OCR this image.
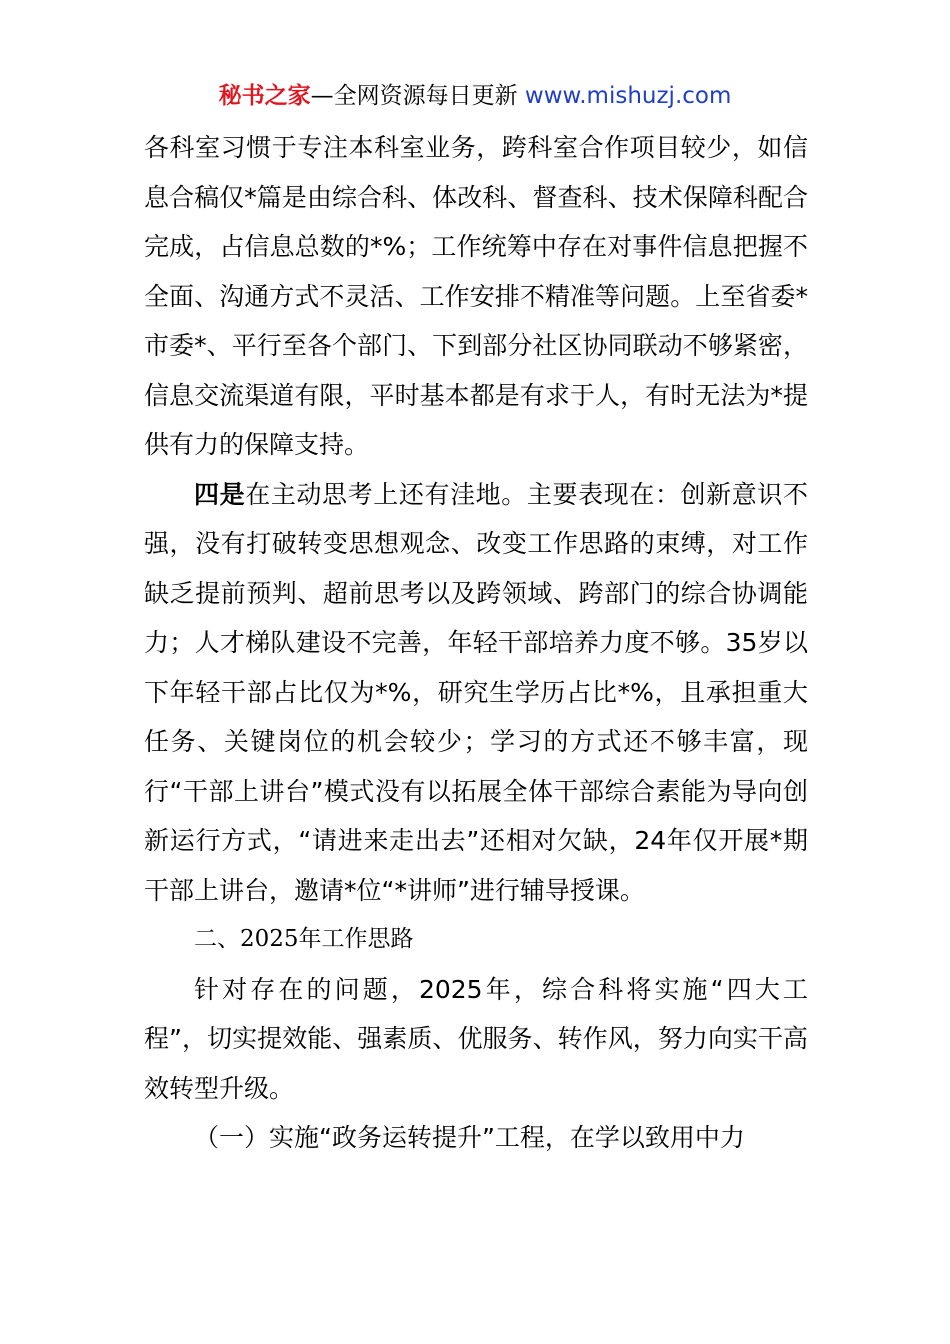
秘书之家—全网资源每日更新 www.mishuzj.com

各科室习惯于专注本科室业务，跨科室合作项目较少，如信息合稿仅*篇是由综合科、体改科、督查科、技术保障科配合完成，占信息总数的*%；工作统筹中存在对事件信息把握不全面、沟通方式不灵活、工作安排不精准等问题。上至省委*市委*、平行至各个部门、下到部分社区协同联动不够紧密，信息交流渠道有限，平时基本都是有求于人，有时无法为*提供有力的保障支持。

四是在主动思考上还有洼地。主要表现在：创新意识不强，没有打破转变思想观念、改变工作思路的束缚，对工作缺乏提前预判、超前思考以及跨领域、跨部门的综合协调能力；人才梯队建设不完善，年轻干部培养力度不够。35岁以下年轻干部占比仅为*%，研究生学历占比*%，且承担重大任务、关键岗位的机会较少；学习的方式还不够丰富，现行“干部上讲台”模式没有以拓展全体干部综合素能为导向创新运行方式，“请进来走出去”还相对欠缺，24年仅开展*期干部上讲台，邀请*位“*讲师”进行辅导授课。

二、2025年工作思路

针对存在的问题，2025年，综合科将实施“四大工程”，切实提效能、强素质、优服务、转作风，努力向实干高效转型升级。

（一）实施“政务运转提升”工程，在学以致用中力
